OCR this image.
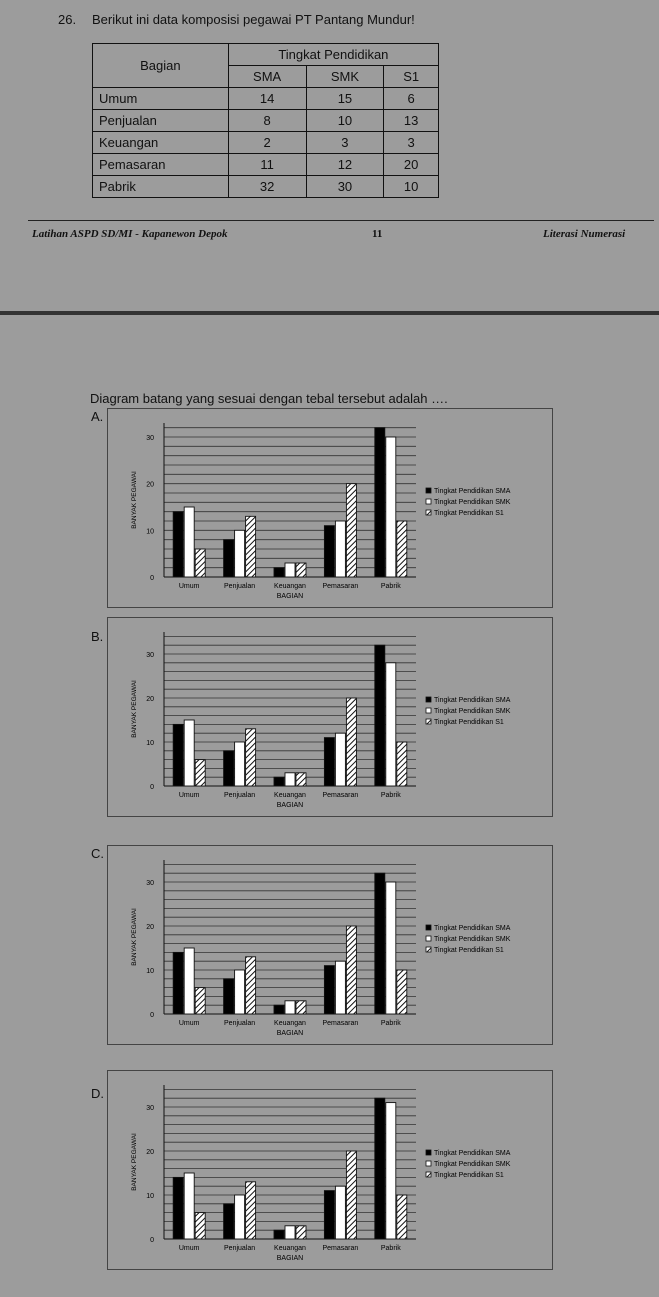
26. Berikut ini data komposisi pegawai PT Pantang Mundur!
Bagian	Tingkat Pendidikan		
	SMA	SMK	S1
Umum	14	15	6
Penjualan	8	10	13
Keuangan	2	3	3
Pemasaran	11	12	20
Pabrik	32	30	10
Latihan ASPD SD/MI - Kapanewon Depok	11	Literasi Numerasi
Diagram batang yang sesuai dengan tebal tersebut adalah ….
A.
0
10
20
30
BANYAK PEGAWAI
Umum	Penjualan	Keuangan Pemasaran	Pabrik
BAGIAN
Tingkat Pendidikan SMA
Tingkat Pendidikan SMK
Tingkat Pendidikan S1
B.
0
10
20
30
BANYAK PEGAWAI
Umum	Penjualan	Keuangan Pemasaran	Pabrik
BAGIAN
Tingkat Pendidikan SMA
Tingkat Pendidikan SMK
Tingkat Pendidikan S1
C.
0
10
20
30
BANYAK PEGAWAI
Umum	Penjualan	Keuangan Pemasaran	Pabrik
BAGIAN
Tingkat Pendidikan SMA
Tingkat Pendidikan SMK
Tingkat Pendidikan S1
D.
0
10
20
30
BANYAK PEGAWAI
Umum	Penjualan	Keuangan Pemasaran	Pabrik
BAGIAN
Tingkat Pendidikan SMA
Tingkat Pendidikan SMK
Tingkat Pendidikan S1
